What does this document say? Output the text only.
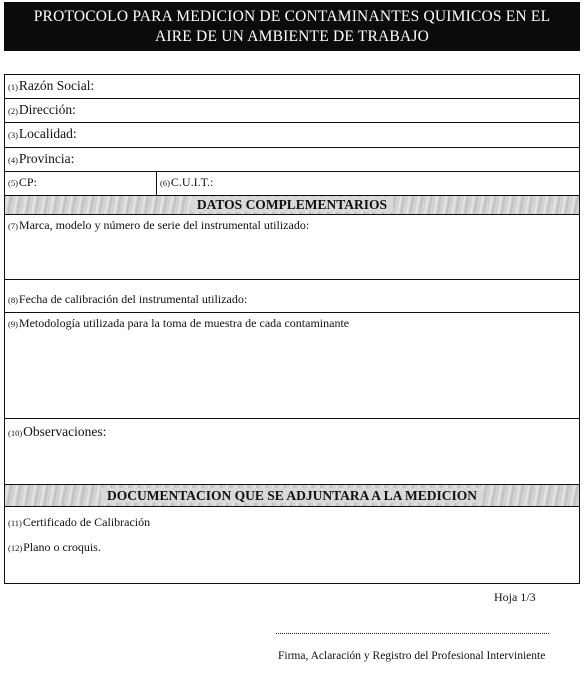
PROTOCOLO PARA MEDICION DE CONTAMINANTES QUIMICOS EN EL
AIRE DE UN AMBIENTE DE TRABAJO
(1)Razón Social:
(2)Dirección:
(3)Localidad:
(4)Provincia:
(5)CP:	(6)C.U.I.T.:
DATOS COMPLEMENTARIOS
(7)Marca, modelo y número de serie del instrumental utilizado:
(8)Fecha de calibración del instrumental utilizado:
(9)Metodología utilizada para la toma de muestra de cada contaminante
(10)Observaciones:
DOCUMENTACION QUE SE ADJUNTARA A LA MEDICION
(11)Certificado de Calibración
(12)Plano o croquis.
Hoja 1/3
Firma, Aclaración y Registro del Profesional Interviniente
